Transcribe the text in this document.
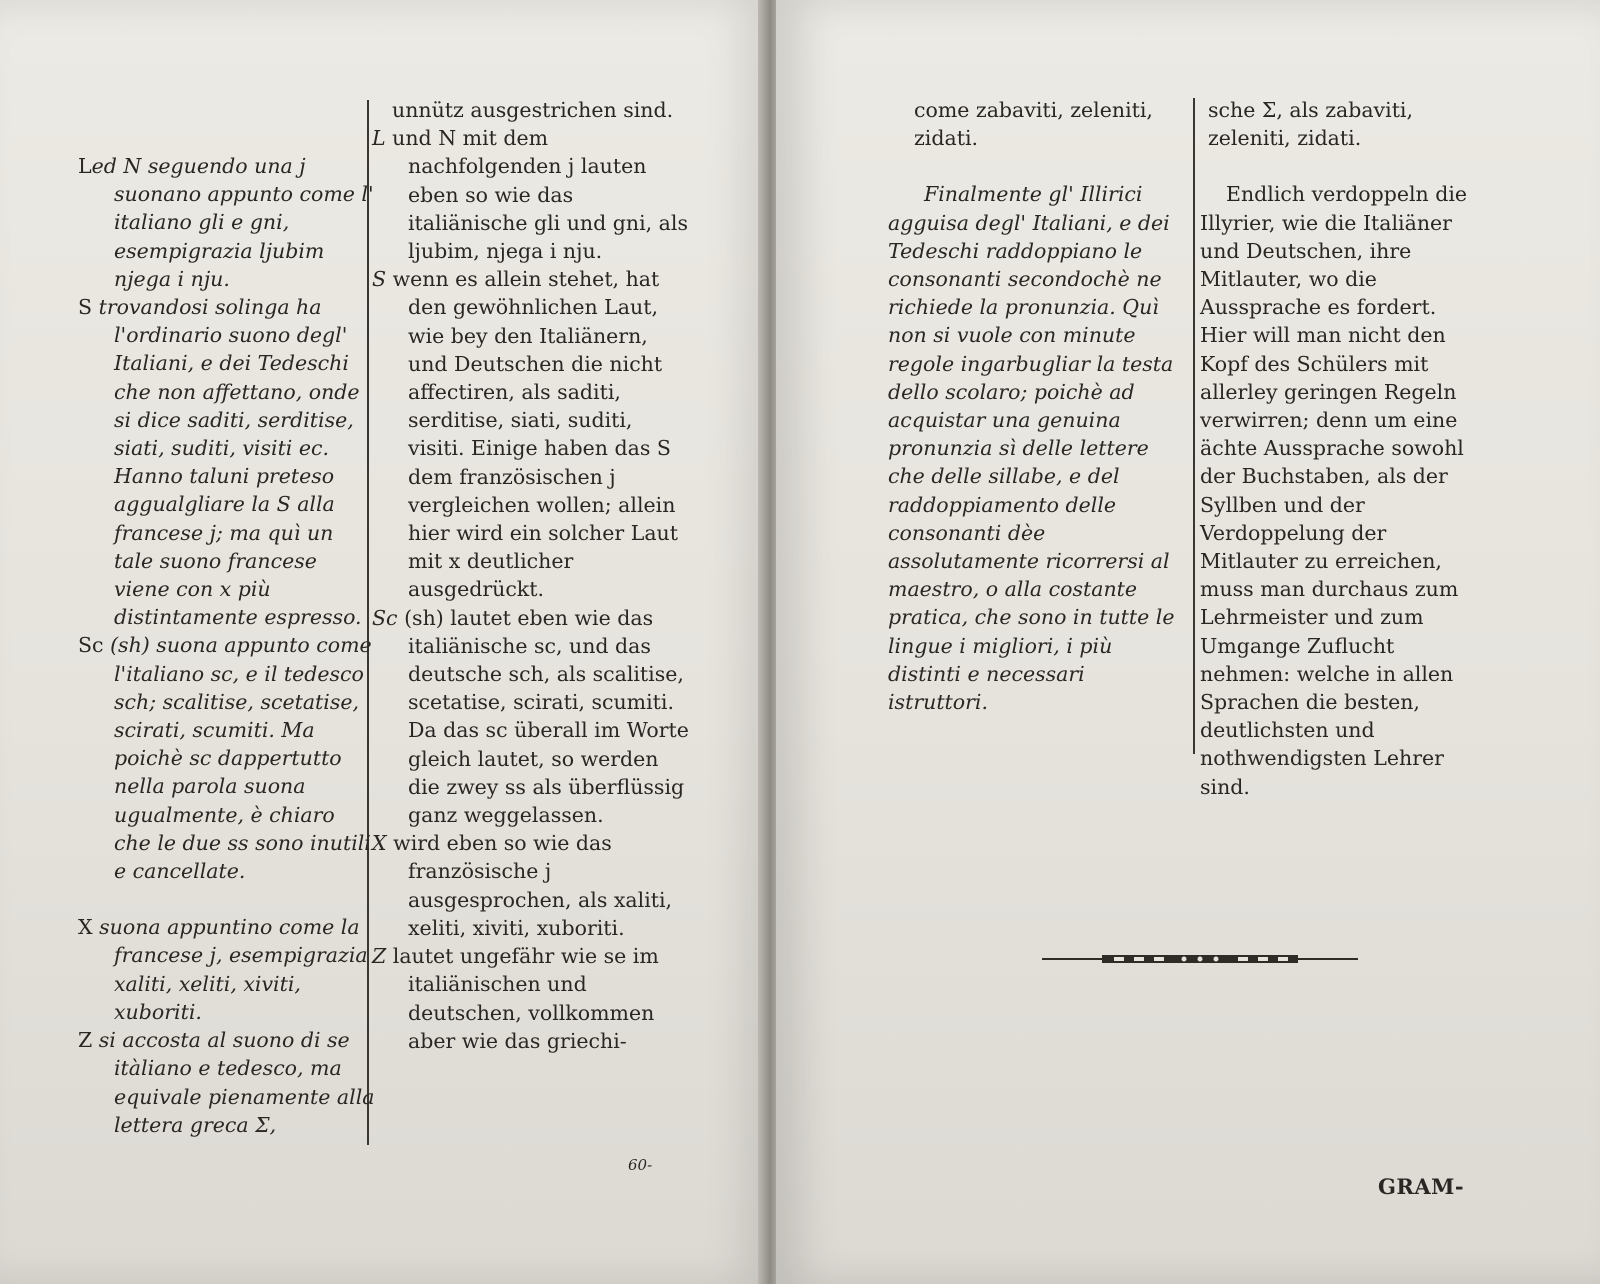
Led N seguendo una j suonano appunto come l' italiano gli e gni, esempigrazia ljubim njega i nju.

S trovandosi solinga ha l'ordinario suono degl' Italiani, e dei Tedeschi che non affettano, onde si dice saditi, serditise, siati, suditi, visiti ec. Hanno taluni preteso aggualgliare la S alla francese j; ma quì un tale suono francese viene con x più distintamente espresso.

Sc (sh) suona appunto come l'italiano sc, e il tedesco sch; scalitise, scetatise, scirati, scumiti. Ma poichè sc dappertutto nella parola suona ugualmente, è chiaro che le due ss sono inutili e cancellate.

X suona appuntino come la francese j, esempigrazia xaliti, xeliti, xiviti, xuboriti.

Z si accosta al suono di se itàliano e tedesco, ma equivale pienamente alla lettera greca Σ,

unnütz ausgestrichen sind.

L und N mit dem nachfolgenden j lauten eben so wie das italiänische gli und gni, als ljubim, njega i nju.

S wenn es allein stehet, hat den gewöhnlichen Laut, wie bey den Italiänern, und Deutschen die nicht affectiren, als saditi, serditise, siati, suditi, visiti. Einige haben das S dem französischen j vergleichen wollen; allein hier wird ein solcher Laut mit x deutlicher ausgedrückt.

Sc (sh) lautet eben wie das italiänische sc, und das deutsche sch, als scalitise, scetatise, scirati, scumiti. Da das sc überall im Worte gleich lautet, so werden die zwey ss als überflüssig ganz weggelassen.

X wird eben so wie das französische j ausgesprochen, als xaliti, xeliti, xiviti, xuboriti.

Z lautet ungefähr wie se im italiänischen und deutschen, vollkommen aber wie das griechi-

60-

come zabaviti, zeleniti, zidati.

Finalmente gl' Illirici agguisa degl' Italiani, e dei Tedeschi raddoppiano le consonanti secondochè ne richiede la pronunzia. Quì non si vuole con minute regole ingarbugliar la testa dello scolaro; poichè ad acquistar una genuina pronunzia sì delle lettere che delle sillabe, e del raddoppiamento delle consonanti dèe assolutamente ricorrersi al maestro, o alla costante pratica, che sono in tutte le lingue i migliori, i più distinti e necessari istruttori.

sche Σ, als zabaviti, zeleniti, zidati.

Endlich verdoppeln die Illyrier, wie die Italiäner und Deutschen, ihre Mitlauter, wo die Aussprache es fordert. Hier will man nicht den Kopf des Schülers mit allerley geringen Regeln verwirren; denn um eine ächte Aussprache sowohl der Buchstaben, als der Syllben und der Verdoppelung der Mitlauter zu erreichen, muss man durchaus zum Lehrmeister und zum Umgange Zuflucht nehmen: welche in allen Sprachen die besten, deutlichsten und nothwendigsten Lehrer sind.

GRAM-
